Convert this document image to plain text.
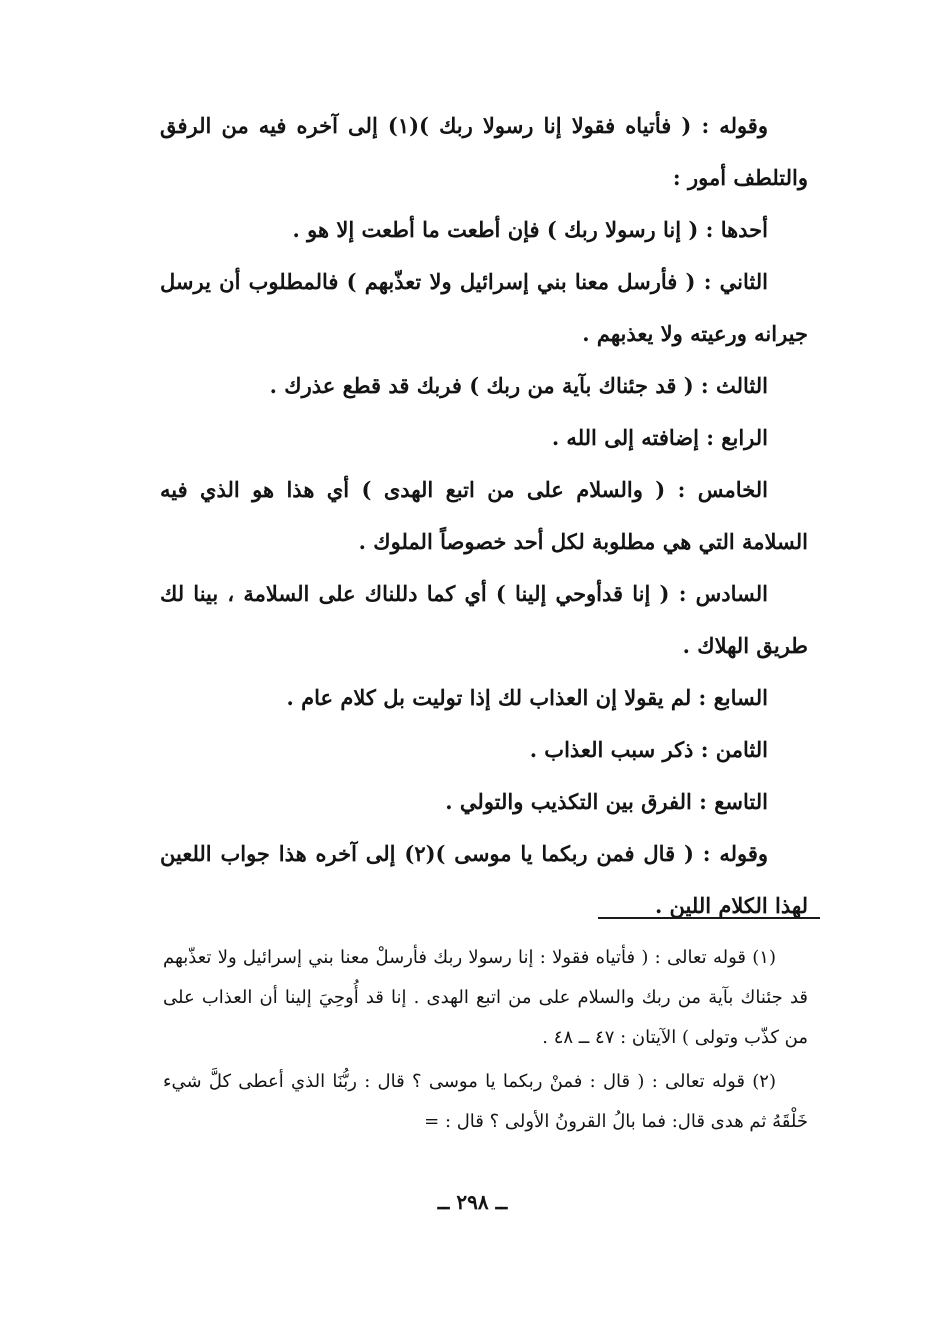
وقوله : ( فأتياه فقولا إنا رسولا ربك )(١) إلى آخره فيه من الرفق والتلطف أمور :

أحدها : ( إنا رسولا ربك ) فإن أطعت ما أطعت إلا هو .

الثاني : ( فأرسل معنا بني إسرائيل ولا تعذّبهم ) فالمطلوب أن يرسل جيرانه ورعيته ولا يعذبهم .

الثالث : ( قد جئناك بآية من ربك ) فربك قد قطع عذرك .

الرابع : إضافته إلى الله .

الخامس : ( والسلام على من اتبع الهدى ) أي هذا هو الذي فيه السلامة التي هي مطلوبة لكل أحد خصوصاً الملوك .

السادس : ( إنا قدأوحي إلينا ) أي كما دللناك على السلامة ، بينا لك طريق الهلاك .

السابع : لم يقولا إن العذاب لك إذا توليت بل كلام عام .

الثامن : ذكر سبب العذاب .

التاسع : الفرق بين التكذيب والتولي .

وقوله : ( قال فمن ربكما يا موسى )(٢) إلى آخره هذا جواب اللعين لهذا الكلام اللين .

(١) قوله تعالى : ( فأتياه فقولا : إنا رسولا ربك فأرسلْ معنا بني إسرائيل ولا تعذّبهم قد جئناك بآية من ربك والسلام على من اتبع الهدى . إنا قد أُوحِيَ إلينا أن العذاب على من كذّب وتولى ) الآيتان : ٤٧ ــ ٤٨ .

(٢) قوله تعالى : ( قال : فمنْ ربكما يا موسى ؟ قال : ربُّنَا الذي أعطى كلَّ شيء خَلْقَهُ ثم هدى قال: فما بالُ القرونُ الأولى ؟ قال : =

ــ ٢٩٨ ــ
